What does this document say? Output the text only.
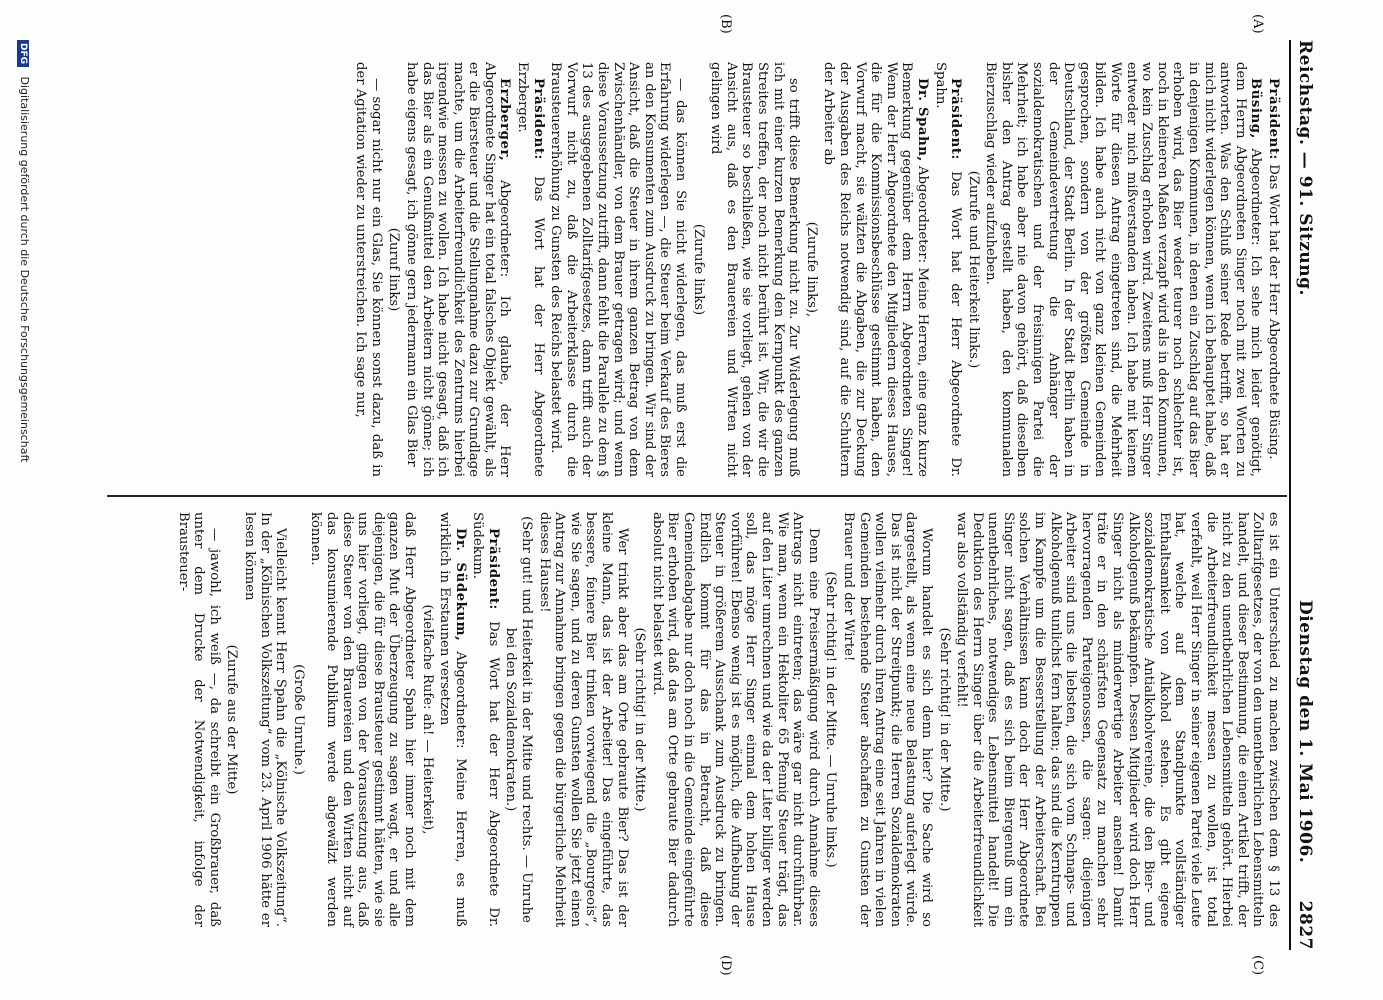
Reichstag. — 91. Sitzung.
Dienstag den 1. Mai 1906.
2827
(A)
(B)
(C)
(D)

Präsident: Das Wort hat der Herr Abgeordnete Büsing.

Büsing, Abgeordneter: Ich sehe mich leider genötigt, dem Herrn Abgeordneten Singer noch mit zwei Worten zu antworten. Was den Schluß seiner Rede betrifft, so hat er mich nicht widerlegen können, wenn ich behauptet habe, daß in denjenigen Kommunen, in denen ein Zuschlag auf das Bier erhoben wird, das Bier weder teurer noch schlechter ist, noch in kleineren Maßen verzapft wird als in den Kommunen, wo kein Zuschlag erhoben wird. Zweitens muß Herr Singer entweder mich mißverstanden haben. Ich habe mit keinem Worte für diesen Antrag eingetreten sind, die Mehrheit bilden. Ich habe auch nicht von ganz kleinen Gemeinden gesprochen, sondern von der größten Gemeinde in Deutschland, der Stadt Berlin. In der Stadt Berlin haben in der Gemeindevertretung die Anhänger der sozialdemokratischen und der freisinnigen Partei die Mehrheit; ich habe aber nie davon gehört, daß dieselben bisher den Antrag gestellt haben, den kommunalen Bierzuschlag wieder aufzuheben.

(Zurufe und Heiterkeit links.)

Präsident: Das Wort hat der Herr Abgeordnete Dr. Spahn.

Dr. Spahn, Abgeordneter: Meine Herren, eine ganz kurze Bemerkung gegenüber dem Herrn Abgeordneten Singer! Wenn der Herr Abgeordnete den Mitgliedern dieses Hauses, die für die Kommissionsbeschlüsse gestimmt haben, den Vorwurf macht, sie wälzten die Abgaben, die zur Deckung der Ausgaben des Reichs notwendig sind, auf die Schultern der Arbeiter ab

(Zurufe links),

so trifft diese Bemerkung nicht zu. Zur Widerlegung muß ich mit einer kurzen Bemerkung den Kernpunkt des ganzen Streites treffen, der noch nicht berührt ist. Wir, die wir die Brausteuer so beschließen, wie sie vorliegt, gehen von der Ansicht aus, daß es den Brauereien und Wirten nicht gelingen wird

(Zurufe links)

— das können Sie nicht widerlegen, das muß erst die Erfahrung widerlegen —, die Steuer beim Verkauf des Bieres an den Konsumenten zum Ausdruck zu bringen. Wir sind der Ansicht, daß die Steuer in ihrem ganzen Betrag von dem Zwischenhändler, von dem Brauer getragen wird; und wenn diese Voraussetzung zutrifft, dann fehlt die Parallele zu dem § 13 des ausgegebenen Zolltarifgesetzes, dann trifft auch der Vorwurf nicht zu, daß die Arbeiterklasse durch die Brausteuererhöhung zu Gunsten des Reichs belastet wird.

Präsident: Das Wort hat der Herr Abgeordnete Erzberger.

Erzberger, Abgeordneter: Ich glaube, der Herr Abgeordnete Singer hat ein total falsches Objekt gewählt, als er die Biersteuer und die Stellungnahme dazu zur Grundlage machte, um die Arbeiterfreundlichkeit des Zentrums hierbei irgendwie messen zu wollen. Ich habe nicht gesagt, daß ich das Bier als ein Genußmittel den Arbeitern nicht gönne; ich habe eigens gesagt, ich gönne gern jedermann ein Glas Bier

(Zuruf links)

— sogar nicht nur ein Glas, Sie können sonst dazu, daß in der Agitation wieder zu unterstreichen. Ich sage nur,

es ist ein Unterschied zu machen zwischen dem § 13 des Zolltarifgesetzes, der von den unentbehrlichen Lebensmitteln handelt, und dieser Bestimmung, die einen Artikel trifft, der nicht zu den unentbehrlichen Lebensmitteln gehört. Hierbei die Arbeiterfreundlichkeit messen zu wollen, ist total verfehlt, weil Herr Singer in seiner eigenen Partei viele Leute hat, welche auf dem Standpunkte vollständiger Enthaltsamkeit von Alkohol stehen. Es gibt eigene sozialdemokratische Antialkoholvereine, die den Bier- und Alkoholgenuß bekämpfen. Dessen Mitglieder wird doch Herr Singer nicht als minderwertige Arbeiter ansehen! Damit träte er in den schärfsten Gegensatz zu manchen sehr hervorragenden Parteigenossen, die sagen: diejenigen Arbeiter sind uns die liebsten, die sich vom Schnaps- und Alkoholgenuß tunlichst fern halten; das sind die Kerntruppen im Kampfe um die Besserstellung der Arbeiterschaft. Bei solchen Verhältnissen kann doch der Herr Abgeordnete Singer nicht sagen, daß es sich beim Biergenuß um ein unentbehrliches, notwendiges Lebensmittel handelt! Die Deduktion des Herrn Singer über die Arbeiterfreundlichkeit war also vollständig verfehlt!

(Sehr richtig! in der Mitte.)

Worum handelt es sich denn hier? Die Sache wird so dargestellt, als wenn eine neue Belastung auferlegt würde. Das ist nicht der Streitpunkt; die Herren Sozialdemokraten wollen vielmehr durch ihren Antrag eine seit Jahren in vielen Gemeinden bestehende Steuer abschaffen zu Gunsten der Brauer und der Wirte!

(Sehr richtig! in der Mitte. — Unruhe links.)

Denn eine Preisermäßigung wird durch Annahme dieses Antrags nicht eintreten; das wäre gar nicht durchführbar. Wie man, wenn ein Hektoliter 65 Pfennig Steuer trägt, das auf den Liter umrechnen und wie da der Liter billiger werden soll, das möge Herr Singer einmal dem hohen Hause vorführen! Ebenso wenig ist es möglich, die Aufhebung der Steuer in größerem Ausschank zum Ausdruck zu bringen. Endlich kommt für das in Betracht, daß diese Gemeindeabgabe nur doch noch in die Gemeinde eingeführte Bier erhoben wird, daß das am Orte gebraute Bier dadurch absolut nicht belastet wird.

(Sehr richtig! in der Mitte.)

Wer trinkt aber das am Orte gebraute Bier? Das ist der kleine Mann, das ist der Arbeiter! Das eingeführte, das bessere, feinere Bier trinken vorwiegend die „Bourgeois“, wie Sie sagen, und zu deren Gunsten wollen Sie jetzt einen Antrag zur Annahme bringen gegen die bürgerliche Mehrheit dieses Hauses!

(Sehr gut! und Heiterkeit in der Mitte und rechts. — Unruhe bei den Sozialdemokraten.)

Präsident: Das Wort hat der Herr Abgeordnete Dr. Südekum.

Dr. Südekum, Abgeordneter: Meine Herren, es muß wirklich in Erstaunen versetzen

(vielfache Rufe: ah! — Heiterkeit),

daß Herr Abgeordneter Spahn hier immer noch mit dem ganzen Mut der Überzeugung zu sagen wagt, er und alle diejenigen, die für diese Brausteuer gestimmt hätten, wie sie uns hier vorliegt, gingen von der Voraussetzung aus, daß diese Steuer von den Brauereien und den Wirten nicht auf das konsumierende Publikum werde abgewälzt werden können.

(Große Unruhe.)

Vielleicht kennt Herr Spahn die „Kölnische Volkszeitung“. In der „Kölnischen Volkszeitung“ vom 23. April 1906 hätte er lesen können

(Zurufe aus der Mitte)

— jawohl, ich weiß —, da schreibt ein Großbrauer, daß unter dem Drucke der Notwendigkeit, infolge der Brausteuer-

DFG Digitalisierung gefördert durch die Deutsche Forschungsgemeinschaft
